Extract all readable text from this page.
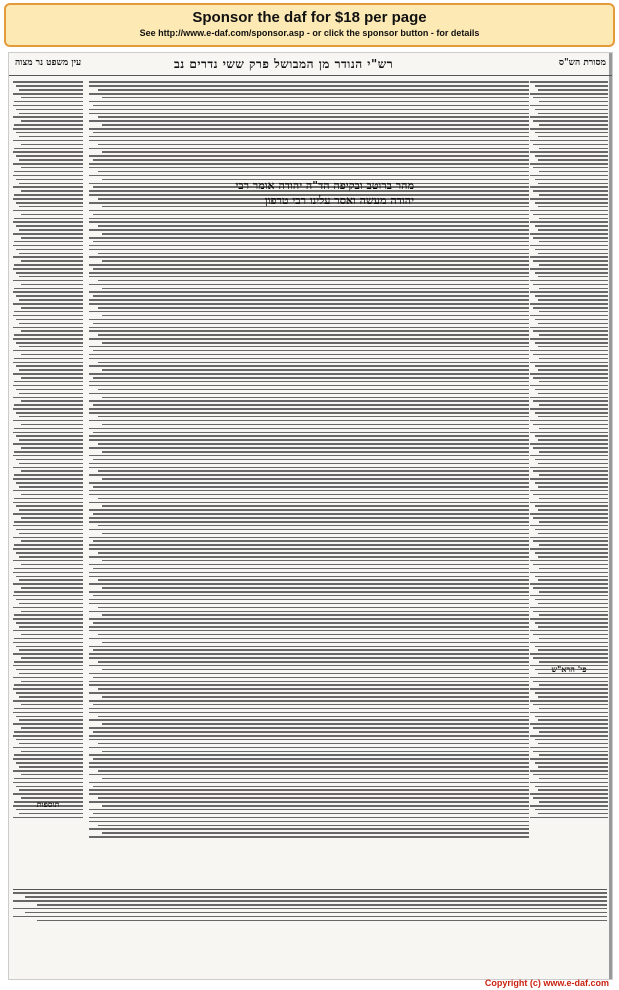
Sponsor the daf for $18 per page
See http://www.e-daf.com/sponsor.asp - or click the sponsor button - for details
עין משפט נר מצוה	רש"י הנודר מן המבושל פרק ששי נדרים נב	מסורת הש"ס
תוספות
מהר ברוטב ובקיפה הד"ה יהודה אומר רבי יהודה מעשה ואסר עלינו רבי טרפון
פי' הרא"ש
Copyright (c) www.e-daf.com
